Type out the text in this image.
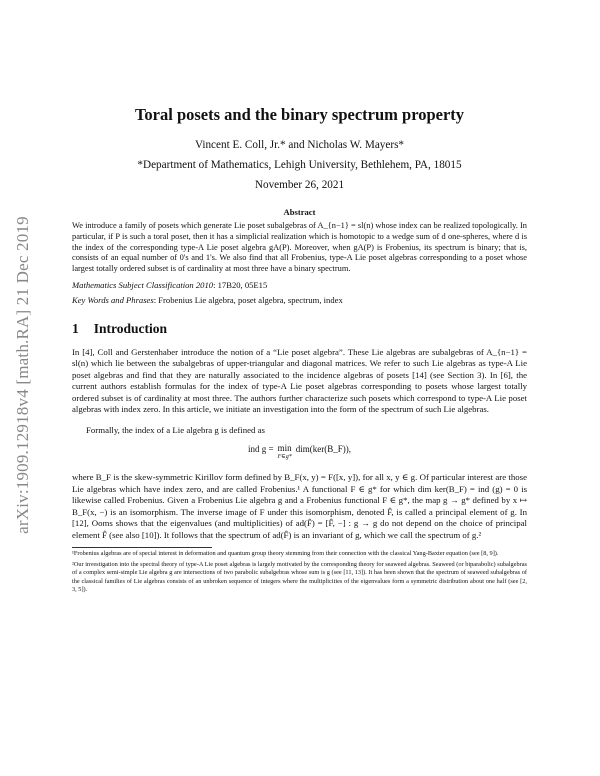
arXiv:1909.12918v4 [math.RA] 21 Dec 2019
Toral posets and the binary spectrum property
Vincent E. Coll, Jr.* and Nicholas W. Mayers*
*Department of Mathematics, Lehigh University, Bethlehem, PA, 18015
November 26, 2021
Abstract

We introduce a family of posets which generate Lie poset subalgebras of A_{n−1} = sl(n) whose index can be realized topologically. In particular, if P is such a toral poset, then it has a simplicial realization which is homotopic to a wedge sum of d one-spheres, where d is the index of the corresponding type-A Lie poset algebra gA(P). Moreover, when gA(P) is Frobenius, its spectrum is binary; that is, consists of an equal number of 0's and 1's. We also find that all Frobenius, type-A Lie poset algebras corresponding to a poset whose largest totally ordered subset is of cardinality at most three have a binary spectrum.

Mathematics Subject Classification 2010: 17B20, 05E15
Key Words and Phrases: Frobenius Lie algebra, poset algebra, spectrum, index
1 Introduction

In [4], Coll and Gerstenhaber introduce the notion of a “Lie poset algebra”. These Lie algebras are subalgebras of A_{n−1} = sl(n) which lie between the subalgebras of upper-triangular and diagonal matrices. We refer to such Lie algebras as type-A Lie poset algebras and find that they are naturally associated to the incidence algebras of posets [14] (see Section 3). In [6], the current authors establish formulas for the index of type-A Lie poset algebras corresponding to posets whose largest totally ordered subset is of cardinality at most three. The authors further characterize such posets which correspond to type-A Lie poset algebras with index zero. In this article, we initiate an investigation into the form of the spectrum of such Lie algebras.

Formally, the index of a Lie algebra g is defined as

ind g = min
F∈g*
dim(ker(B_F)),

where B_F is the skew-symmetric Kirillov form defined by B_F(x, y) = F([x, y]), for all x, y ∈ g. Of particular interest are those Lie algebras which have index zero, and are called Frobenius.¹ A functional F ∈ g* for which dim ker(B_F) = ind (g) = 0 is likewise called Frobenius. Given a Frobenius Lie algebra g and a Frobenius functional F ∈ g*, the map g → g* defined by x ↦ B_F(x, −) is an isomorphism. The inverse image of F under this isomorphism, denoted F̂, is called a principal element of g. In [12], Ooms shows that the eigenvalues (and multiplicities) of ad(F̂) = [F̂, −] : g → g do not depend on the choice of principal element F̂ (see also [10]). It follows that the spectrum of ad(F̂) is an invariant of g, which we call the spectrum of g.²

¹Frobenius algebras are of special interest in deformation and quantum group theory stemming from their connection with the classical Yang-Baxter equation (see [8, 9]).

²Our investigation into the spectral theory of type-A Lie poset algebras is largely motivated by the corresponding theory for seaweed algebras. Seaweed (or biparabolic) subalgebras of a complex semi-simple Lie algebra g are intersections of two parabolic subalgebras whose sum is g (see [11, 13]). It has been shown that the spectrum of seaweed subalgebras of the classical families of Lie algebras consists of an unbroken sequence of integers where the multiplicities of the eigenvalues form a symmetric distribution about one half (see [2, 3, 5]).
